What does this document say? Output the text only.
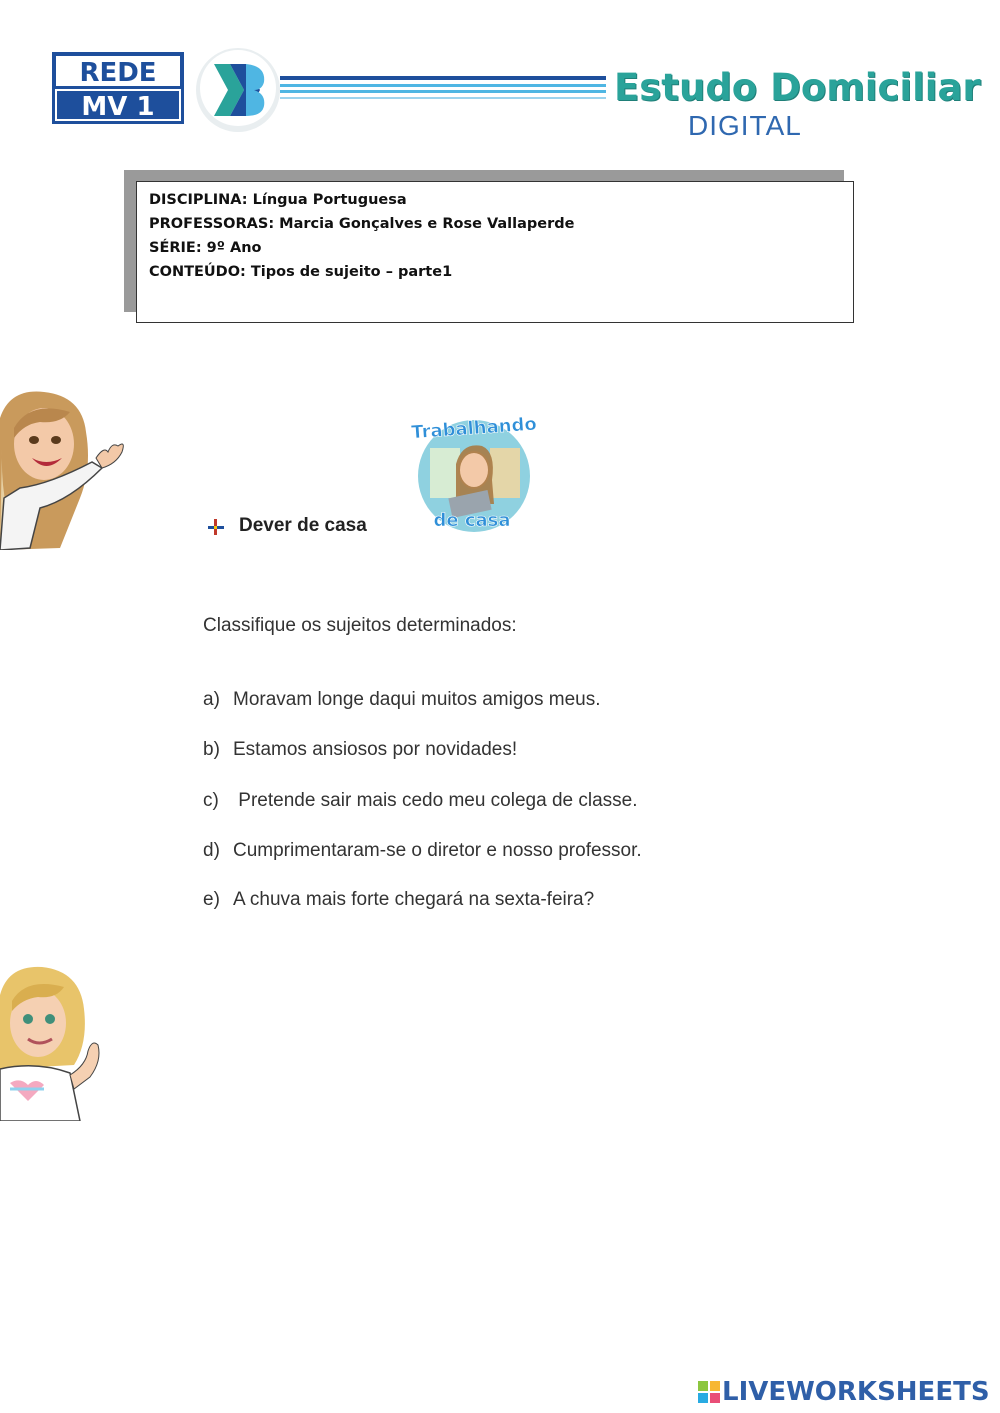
REDE
MV 1	Estudo Domiciliar
DIGITAL
DISCIPLINA: Língua Portuguesa
PROFESSORAS: Marcia Gonçalves e Rose Vallaperde
SÉRIE: 9º Ano
CONTEÚDO: Tipos de sujeito – parte1
Trabalhando
de casa
Dever de casa
Classifique os sujeitos determinados:
a) Moravam longe daqui muitos amigos meus.
b) Estamos ansiosos por novidades!
c) Pretende sair mais cedo meu colega de classe.
d) Cumprimentaram-se o diretor e nosso professor.
e) A chuva mais forte chegará na sexta-feira?
LIVEWORKSHEETS
